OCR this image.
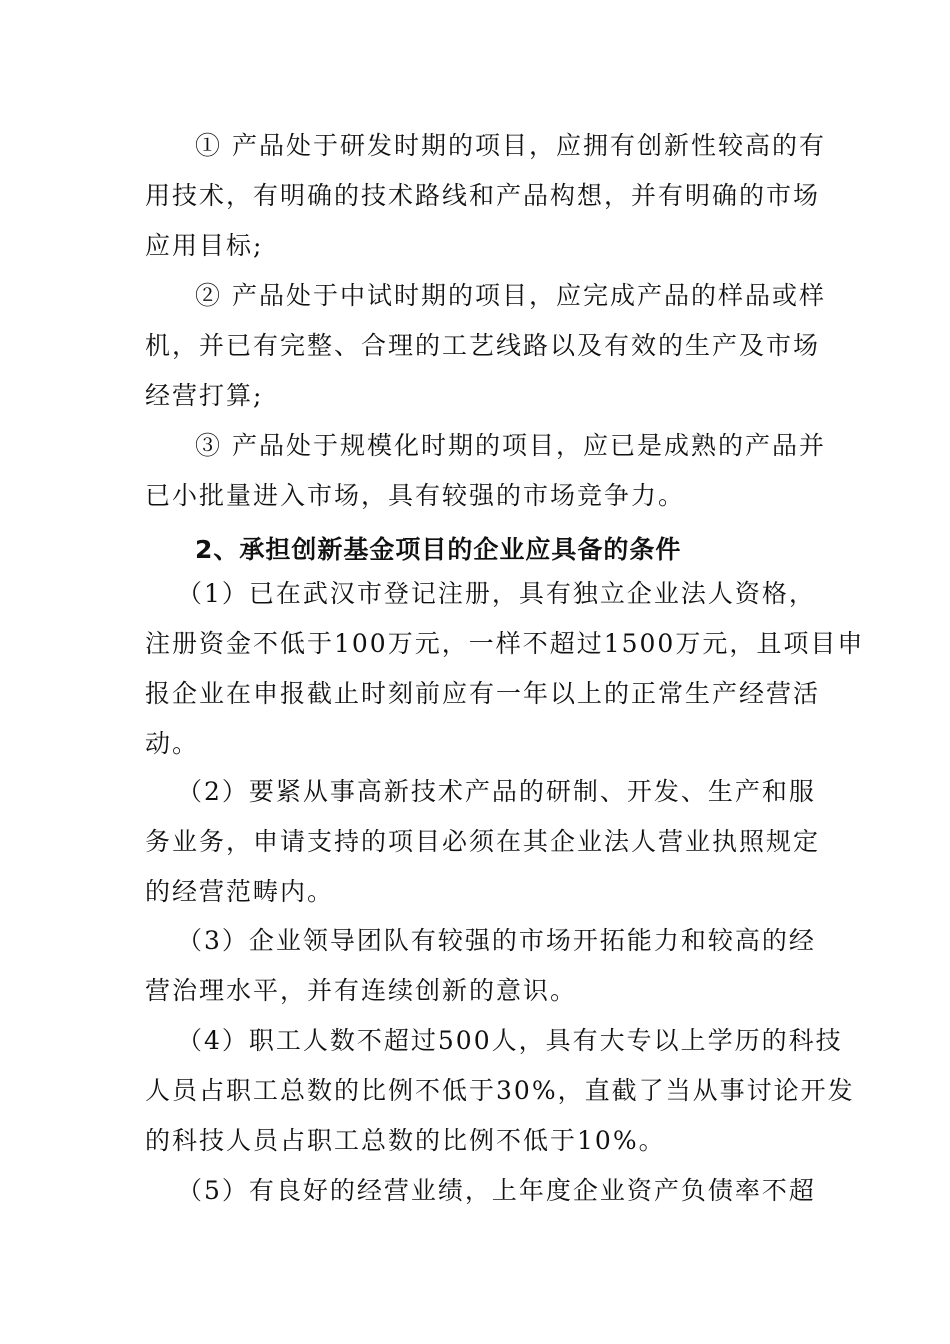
① 产品处于研发时期的项目，应拥有创新性较高的有
用技术，有明确的技术路线和产品构想，并有明确的市场
应用目标;
② 产品处于中试时期的项目，应完成产品的样品或样
机，并已有完整、合理的工艺线路以及有效的生产及市场
经营打算;
③ 产品处于规模化时期的项目，应已是成熟的产品并
已小批量进入市场，具有较强的市场竞争力。
2、承担创新基金项目的企业应具备的条件
（1）已在武汉市登记注册，具有独立企业法人资格，
注册资金不低于100万元，一样不超过1500万元，且项目申
报企业在申报截止时刻前应有一年以上的正常生产经营活
动。
（2）要紧从事高新技术产品的研制、开发、生产和服
务业务，申请支持的项目必须在其企业法人营业执照规定
的经营范畴内。
（3）企业领导团队有较强的市场开拓能力和较高的经
营治理水平，并有连续创新的意识。
（4）职工人数不超过500人，具有大专以上学历的科技
人员占职工总数的比例不低于30%，直截了当从事讨论开发
的科技人员占职工总数的比例不低于10%。
（5）有良好的经营业绩，上年度企业资产负债率不超
